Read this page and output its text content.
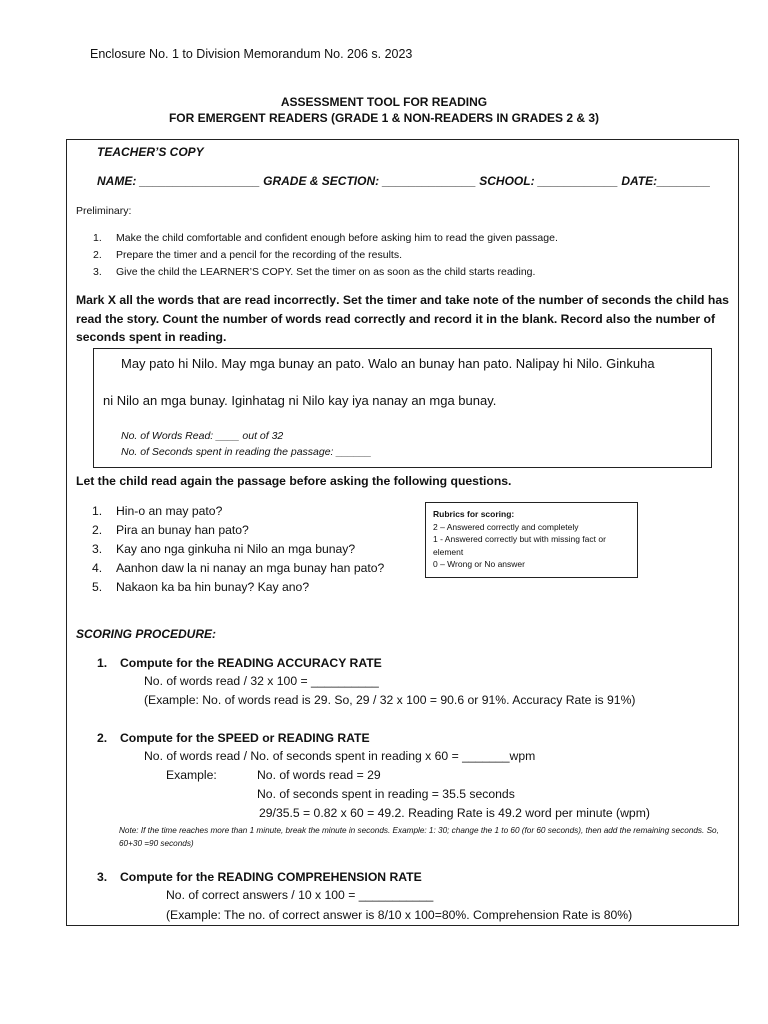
Enclosure No. 1 to Division Memorandum No. 206 s. 2023
ASSESSMENT TOOL FOR READING
FOR EMERGENT READERS (GRADE 1 & NON-READERS IN GRADES 2 & 3)
TEACHER’S COPY
NAME: __________________ GRADE & SECTION: ______________ SCHOOL: ____________ DATE:________
Preliminary:
1. Make the child comfortable and confident enough before asking him to read the given passage.
2. Prepare the timer and a pencil for the recording of the results.
3. Give the child the LEARNER’S COPY. Set the timer on as soon as the child starts reading.
Mark X all the words that are read incorrectly. Set the timer and take note of the number of seconds the child has read the story. Count the number of words read correctly and record it in the blank. Record also the number of seconds spent in reading.
May pato hi Nilo. May mga bunay an pato. Walo an bunay han pato. Nalipay hi Nilo. Ginkuha
ni Nilo an mga bunay. Iginhatag ni Nilo kay iya nanay an mga bunay.
No. of Words Read: ____ out of 32
No. of Seconds spent in reading the passage: ______
Let the child read again the passage before asking the following questions.
1. Hin-o an may pato?
2. Pira an bunay han pato?
3. Kay ano nga ginkuha ni Nilo an mga bunay?
4. Aanhon daw la ni nanay an mga bunay han pato?
5. Nakaon ka ba hin bunay? Kay ano?
Rubrics for scoring:
2 – Answered correctly and completely
1 - Answered correctly but with missing fact or element
0 – Wrong or No answer
SCORING PROCEDURE:
1. Compute for the READING ACCURACY RATE
No. of words read / 32 x 100 = __________
(Example: No. of words read is 29. So, 29 / 32 x 100 = 90.6 or 91%. Accuracy Rate is 91%)
2. Compute for the SPEED or READING RATE
No. of words read / No. of seconds spent in reading x 60 = _______wpm
Example:	No. of words read = 29
No. of seconds spent in reading = 35.5 seconds
29/35.5 = 0.82 x 60 = 49.2. Reading Rate is 49.2 word per minute (wpm)
Note: If the time reaches more than 1 minute, break the minute in seconds. Example: 1: 30; change the 1 to 60 (for 60 seconds), then add the remaining seconds. So, 60+30 =90 seconds)
3. Compute for the READING COMPREHENSION RATE
No. of correct answers / 10 x 100 = ___________
(Example: The no. of correct answer is 8/10 x 100=80%. Comprehension Rate is 80%)
